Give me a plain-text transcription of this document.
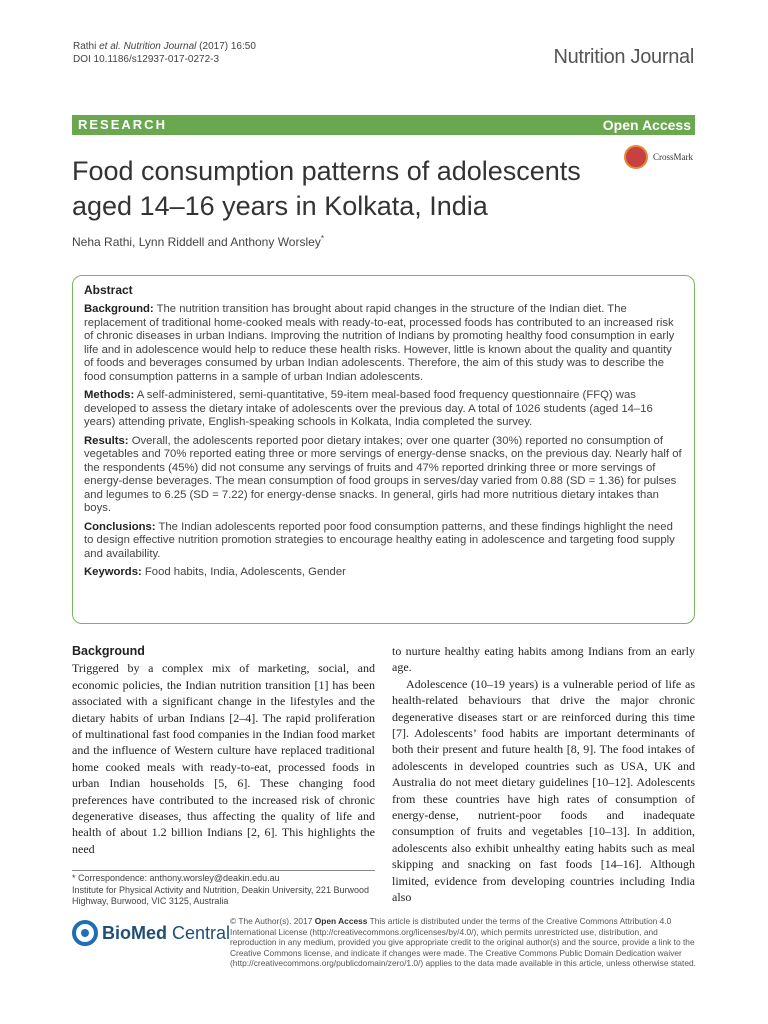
Rathi et al. Nutrition Journal (2017) 16:50
DOI 10.1186/s12937-017-0272-3	Nutrition Journal
RESEARCH	Open Access
Food consumption patterns of adolescents aged 14–16 years in Kolkata, India
CrossMark
Neha Rathi, Lynn Riddell and Anthony Worsley*
Abstract

Background: The nutrition transition has brought about rapid changes in the structure of the Indian diet. The replacement of traditional home-cooked meals with ready-to-eat, processed foods has contributed to an increased risk of chronic diseases in urban Indians. Improving the nutrition of Indians by promoting healthy food consumption in early life and in adolescence would help to reduce these health risks. However, little is known about the quality and quantity of foods and beverages consumed by urban Indian adolescents. Therefore, the aim of this study was to describe the food consumption patterns in a sample of urban Indian adolescents.

Methods: A self-administered, semi-quantitative, 59-item meal-based food frequency questionnaire (FFQ) was developed to assess the dietary intake of adolescents over the previous day. A total of 1026 students (aged 14–16 years) attending private, English-speaking schools in Kolkata, India completed the survey.

Results: Overall, the adolescents reported poor dietary intakes; over one quarter (30%) reported no consumption of vegetables and 70% reported eating three or more servings of energy-dense snacks, on the previous day. Nearly half of the respondents (45%) did not consume any servings of fruits and 47% reported drinking three or more servings of energy-dense beverages. The mean consumption of food groups in serves/day varied from 0.88 (SD = 1.36) for pulses and legumes to 6.25 (SD = 7.22) for energy-dense snacks. In general, girls had more nutritious dietary intakes than boys.

Conclusions: The Indian adolescents reported poor food consumption patterns, and these findings highlight the need to design effective nutrition promotion strategies to encourage healthy eating in adolescence and targeting food supply and availability.

Keywords: Food habits, India, Adolescents, Gender

Background

Triggered by a complex mix of marketing, social, and economic policies, the Indian nutrition transition [1] has been associated with a significant change in the lifestyles and the dietary habits of urban Indians [2–4]. The rapid proliferation of multinational fast food companies in the Indian food market and the influence of Western culture have replaced traditional home cooked meals with ready-to-eat, processed foods in urban Indian households [5, 6]. These changing food preferences have contributed to the increased risk of chronic degenerative diseases, thus affecting the quality of life and health of about 1.2 billion Indians [2, 6]. This highlights the need

to nurture healthy eating habits among Indians from an early age.

Adolescence (10–19 years) is a vulnerable period of life as health-related behaviours that drive the major chronic degenerative diseases start or are reinforced during this time [7]. Adolescents’ food habits are important determinants of both their present and future health [8, 9]. The food intakes of adolescents in developed countries such as USA, UK and Australia do not meet dietary guidelines [10–12]. Adolescents from these countries have high rates of consumption of energy-dense, nutrient-poor foods and inadequate consumption of fruits and vegetables [10–13]. In addition, adolescents also exhibit unhealthy eating habits such as meal skipping and snacking on fast foods [14–16]. Although limited, evidence from developing countries including India also

* Correspondence: anthony.worsley@deakin.edu.au
Institute for Physical Activity and Nutrition, Deakin University, 221 Burwood Highway, Burwood, VIC 3125, Australia
BioMed Central
© The Author(s). 2017 Open Access This article is distributed under the terms of the Creative Commons Attribution 4.0 International License (http://creativecommons.org/licenses/by/4.0/), which permits unrestricted use, distribution, and reproduction in any medium, provided you give appropriate credit to the original author(s) and the source, provide a link to the Creative Commons license, and indicate if changes were made. The Creative Commons Public Domain Dedication waiver (http://creativecommons.org/publicdomain/zero/1.0/) applies to the data made available in this article, unless otherwise stated.
